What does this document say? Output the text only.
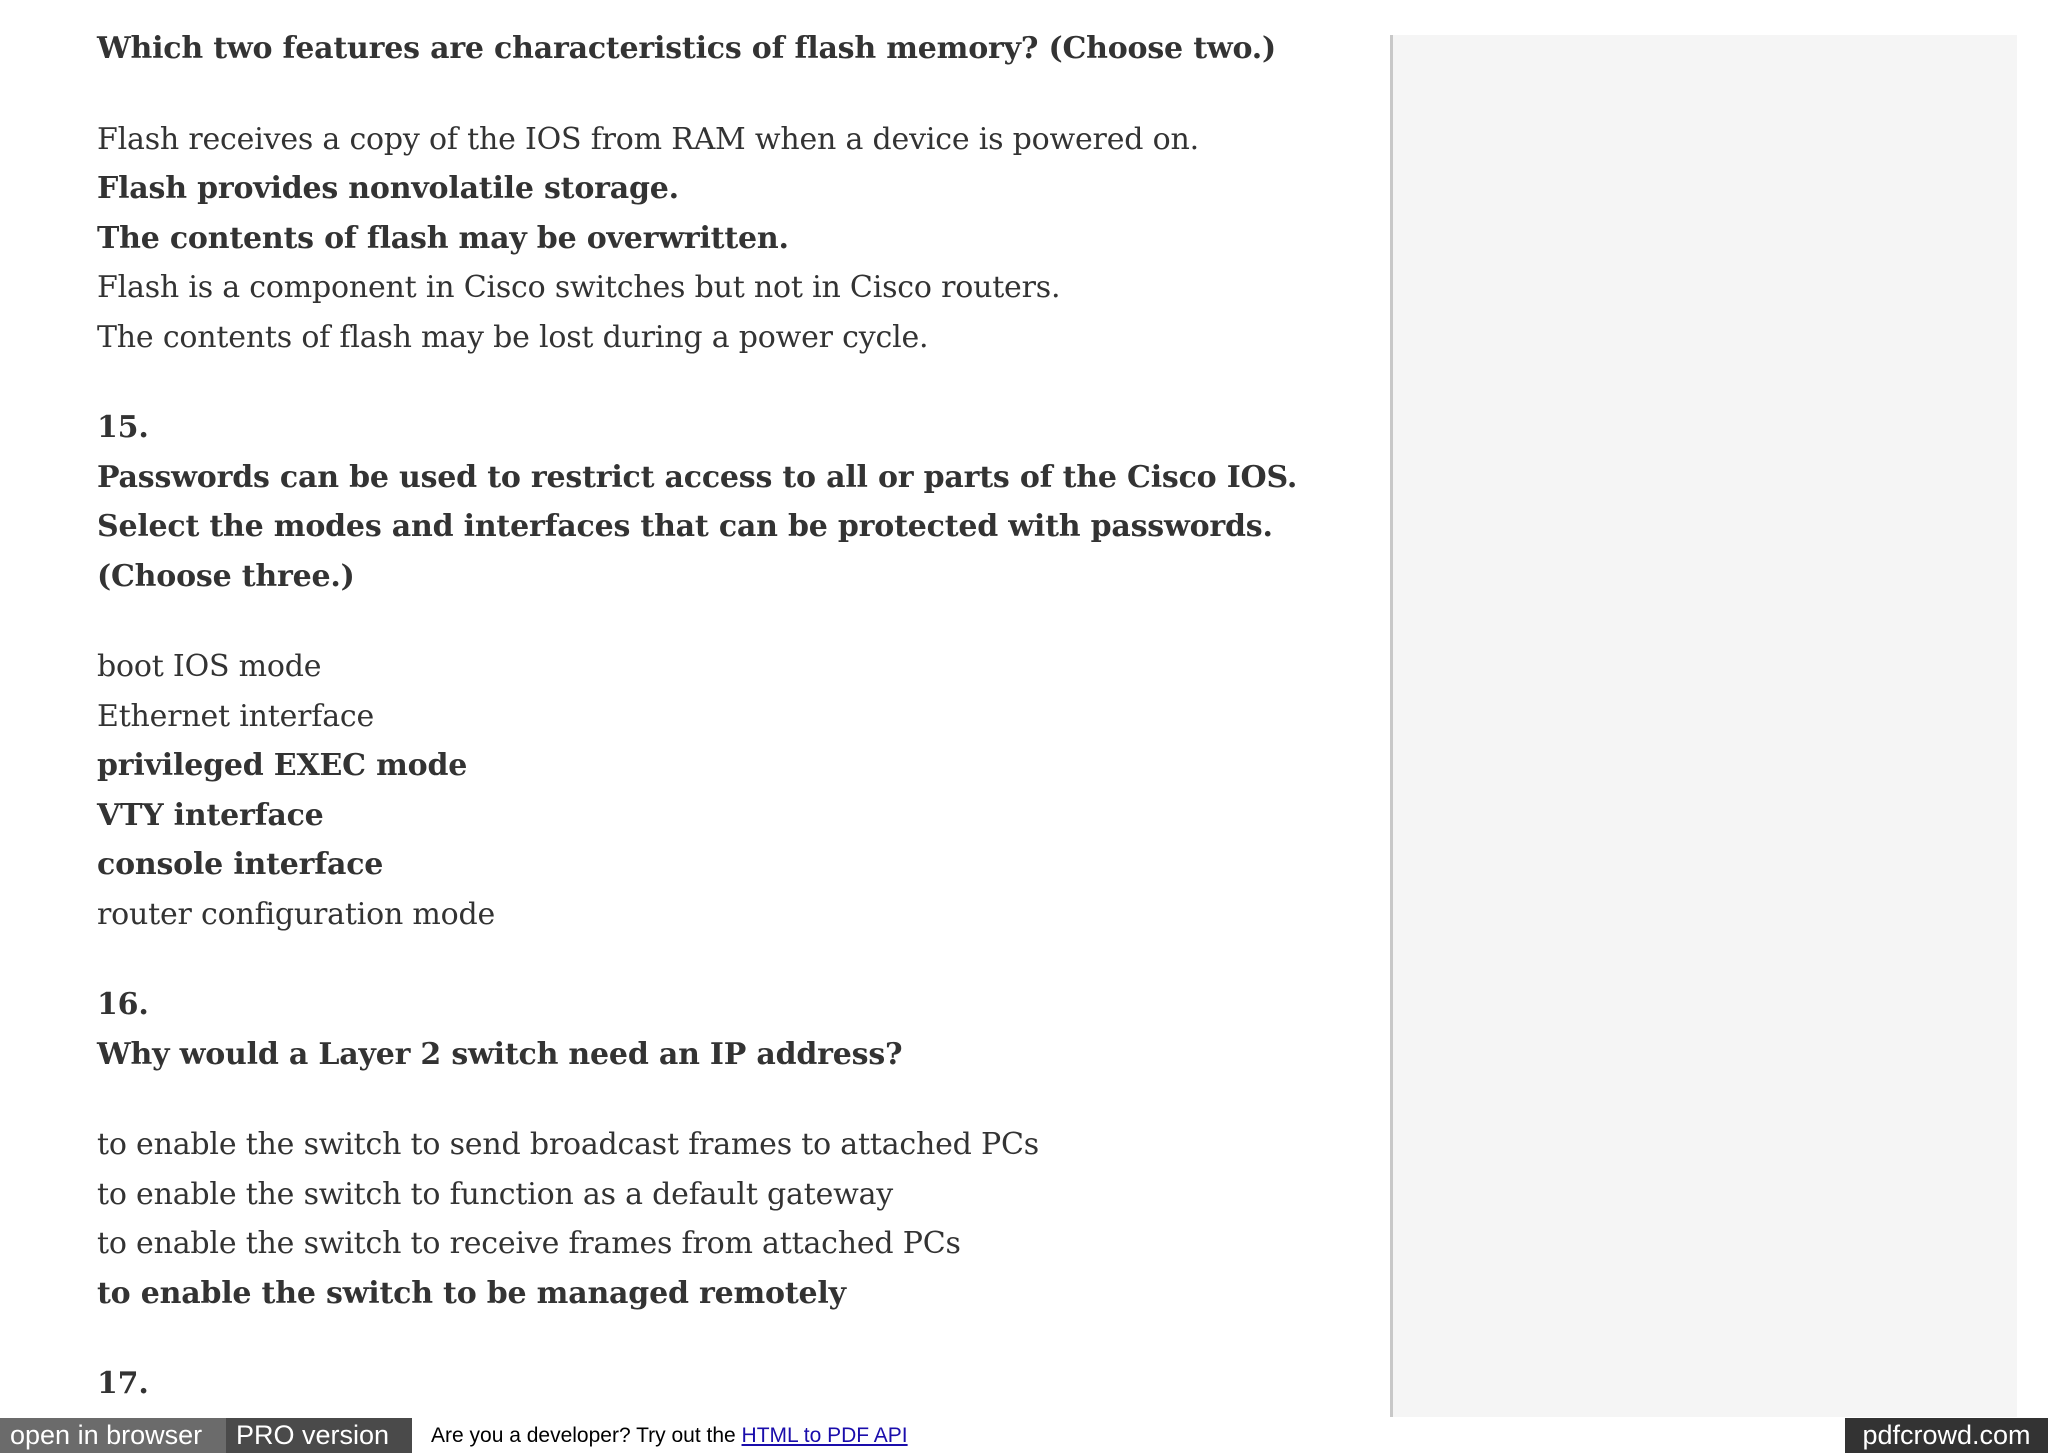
Which two features are characteristics of flash memory? (Choose two.)
Flash receives a copy of the IOS from RAM when a device is powered on.
Flash provides nonvolatile storage.
The contents of flash may be overwritten.
Flash is a component in Cisco switches but not in Cisco routers.
The contents of flash may be lost during a power cycle.
15.
Passwords can be used to restrict access to all or parts of the Cisco IOS. Select the modes and interfaces that can be protected with passwords. (Choose three.)
boot IOS mode
Ethernet interface
privileged EXEC mode
VTY interface
console interface
router configuration mode
16.
Why would a Layer 2 switch need an IP address?
to enable the switch to send broadcast frames to attached PCs
to enable the switch to function as a default gateway
to enable the switch to receive frames from attached PCs
to enable the switch to be managed remotely
17.
open in browser	PRO version	Are you a developer? Try out the HTML to PDF API	pdfcrowd.com
